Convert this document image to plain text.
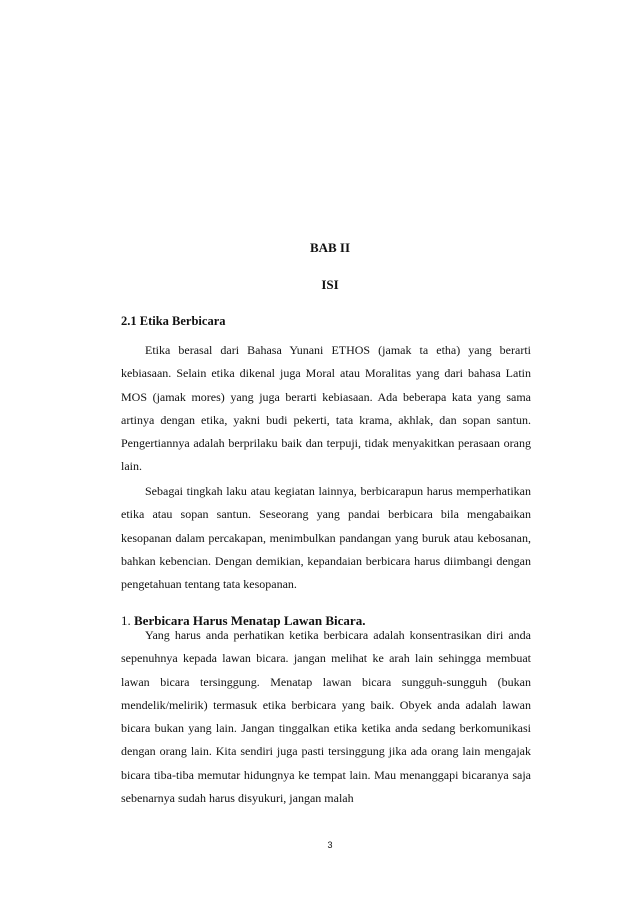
BAB II
ISI
2.1 Etika Berbicara
Etika berasal dari Bahasa Yunani ETHOS (jamak ta etha) yang berarti kebiasaan. Selain etika dikenal juga Moral atau Moralitas yang dari bahasa Latin MOS (jamak mores) yang juga berarti kebiasaan. Ada beberapa kata yang sama artinya dengan etika, yakni budi pekerti, tata krama, akhlak, dan sopan santun. Pengertiannya adalah berprilaku baik dan terpuji, tidak menyakitkan perasaan orang lain.
Sebagai tingkah laku atau kegiatan lainnya, berbicarapun harus memperhatikan etika atau sopan santun. Seseorang yang pandai berbicara bila mengabaikan kesopanan dalam percakapan, menimbulkan pandangan yang buruk atau kebosanan, bahkan kebencian. Dengan demikian, kepandaian berbicara harus diimbangi dengan pengetahuan tentang tata kesopanan.
1. Berbicara Harus Menatap Lawan Bicara.
Yang harus anda perhatikan ketika berbicara adalah konsentrasikan diri anda sepenuhnya kepada lawan bicara. jangan melihat ke arah lain sehingga membuat lawan bicara tersinggung. Menatap lawan bicara sungguh-sungguh (bukan mendelik/melirik) termasuk etika berbicara yang baik. Obyek anda adalah lawan bicara bukan yang lain. Jangan tinggalkan etika ketika anda sedang berkomunikasi dengan orang lain. Kita sendiri juga pasti tersinggung jika ada orang lain mengajak bicara tiba-tiba memutar hidungnya ke tempat lain. Mau menanggapi bicaranya saja sebenarnya sudah harus disyukuri, jangan malah
3
